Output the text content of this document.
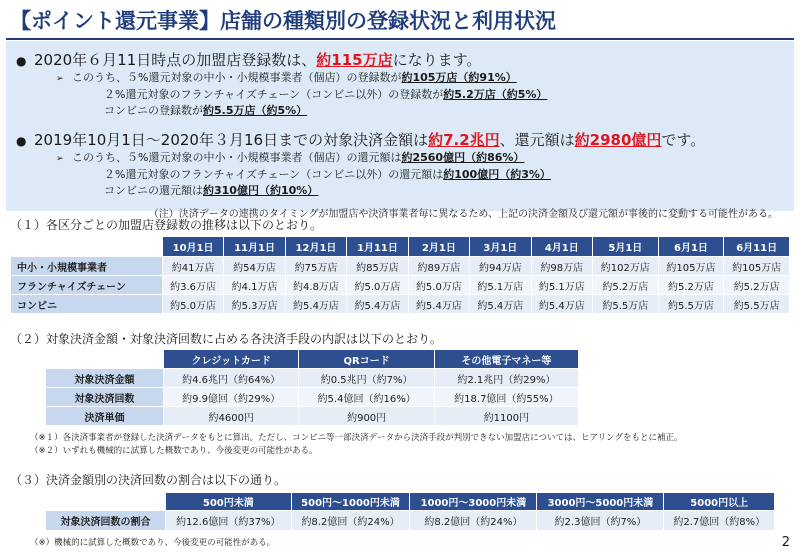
【ポイント還元事業】店舗の種類別の登録状況と利用状況
● 2020年６月11日時点の加盟店登録数は、 約115万店 になります。
➢ このうち、５%還元対象の中小・小規模事業者（個店）の登録数が 約105万店（約91%）
２%還元対象のフランチャイズチェーン（コンビニ以外）の登録数が 約5.2万店（約5%）
コンビニの登録数が 約5.5万店（約5%）
● 2019年10月1日～2020年３月16日までの対象決済金額は 約7.2兆円 、還元額は 約2980億円 です。
➢ このうち、５%還元対象の中小・小規模事業者（個店）の還元額は 約2560億円（約86%）
２%還元対象のフランチャイズチェーン（コンビニ以外）の還元額は 約100億円（約3%）
コンビニの還元額は 約310億円（約10%）
（注）決済データの連携のタイミングが加盟店や決済事業者毎に異なるため、上記の決済金額及び還元額が事後的に変動する可能性がある。
（１）各区分ごとの加盟店登録数の推移は以下のとおり。
	10月1日	11月1日	12月1日	1月11日	2月1日	3月1日	4月1日	5月1日	6月1日	6月11日
中小・小規模事業者	約41万店	約54万店	約75万店	約85万店	約89万店	約94万店	約98万店	約102万店	約105万店	約105万店
フランチャイズチェーン	約3.6万店	約4.1万店	約4.8万店	約5.0万店	約5.0万店	約5.1万店	約5.1万店	約5.2万店	約5.2万店	約5.2万店
コンビニ	約5.0万店	約5.3万店	約5.4万店	約5.4万店	約5.4万店	約5.4万店	約5.4万店	約5.5万店	約5.5万店	約5.5万店
（２）対象決済金額・対象決済回数に占める各決済手段の内訳は以下のとおり。
	クレジットカード	QRコード	その他電子マネー等
対象決済金額	約4.6兆円（約64%）	約0.5兆円（約7%）	約2.1兆円（約29%）
対象決済回数	約9.9億回（約29%）	約5.4億回（約16%）	約18.7億回（約55%）
決済単価	約4600円	約900円	約1100円
（※１）各決済事業者が登録した決済データをもとに算出。ただし、コンビニ等一部決済データから決済手段が判別できない加盟店については、ヒアリングをもとに補正。
（※２）いずれも機械的に試算した概数であり、今後変更の可能性がある。
（３）決済金額別の決済回数の割合は以下の通り。
	500円未満	500円～1000円未満	1000円～3000円未満	3000円～5000円未満	5000円以上
対象決済回数の割合	約12.6億回（約37%）	約8.2億回（約24%）	約8.2億回（約24%）	約2.3億回（約7%）	約2.7億回（約8%）
（※）機械的に試算した概数であり、今後変更の可能性がある。	2
